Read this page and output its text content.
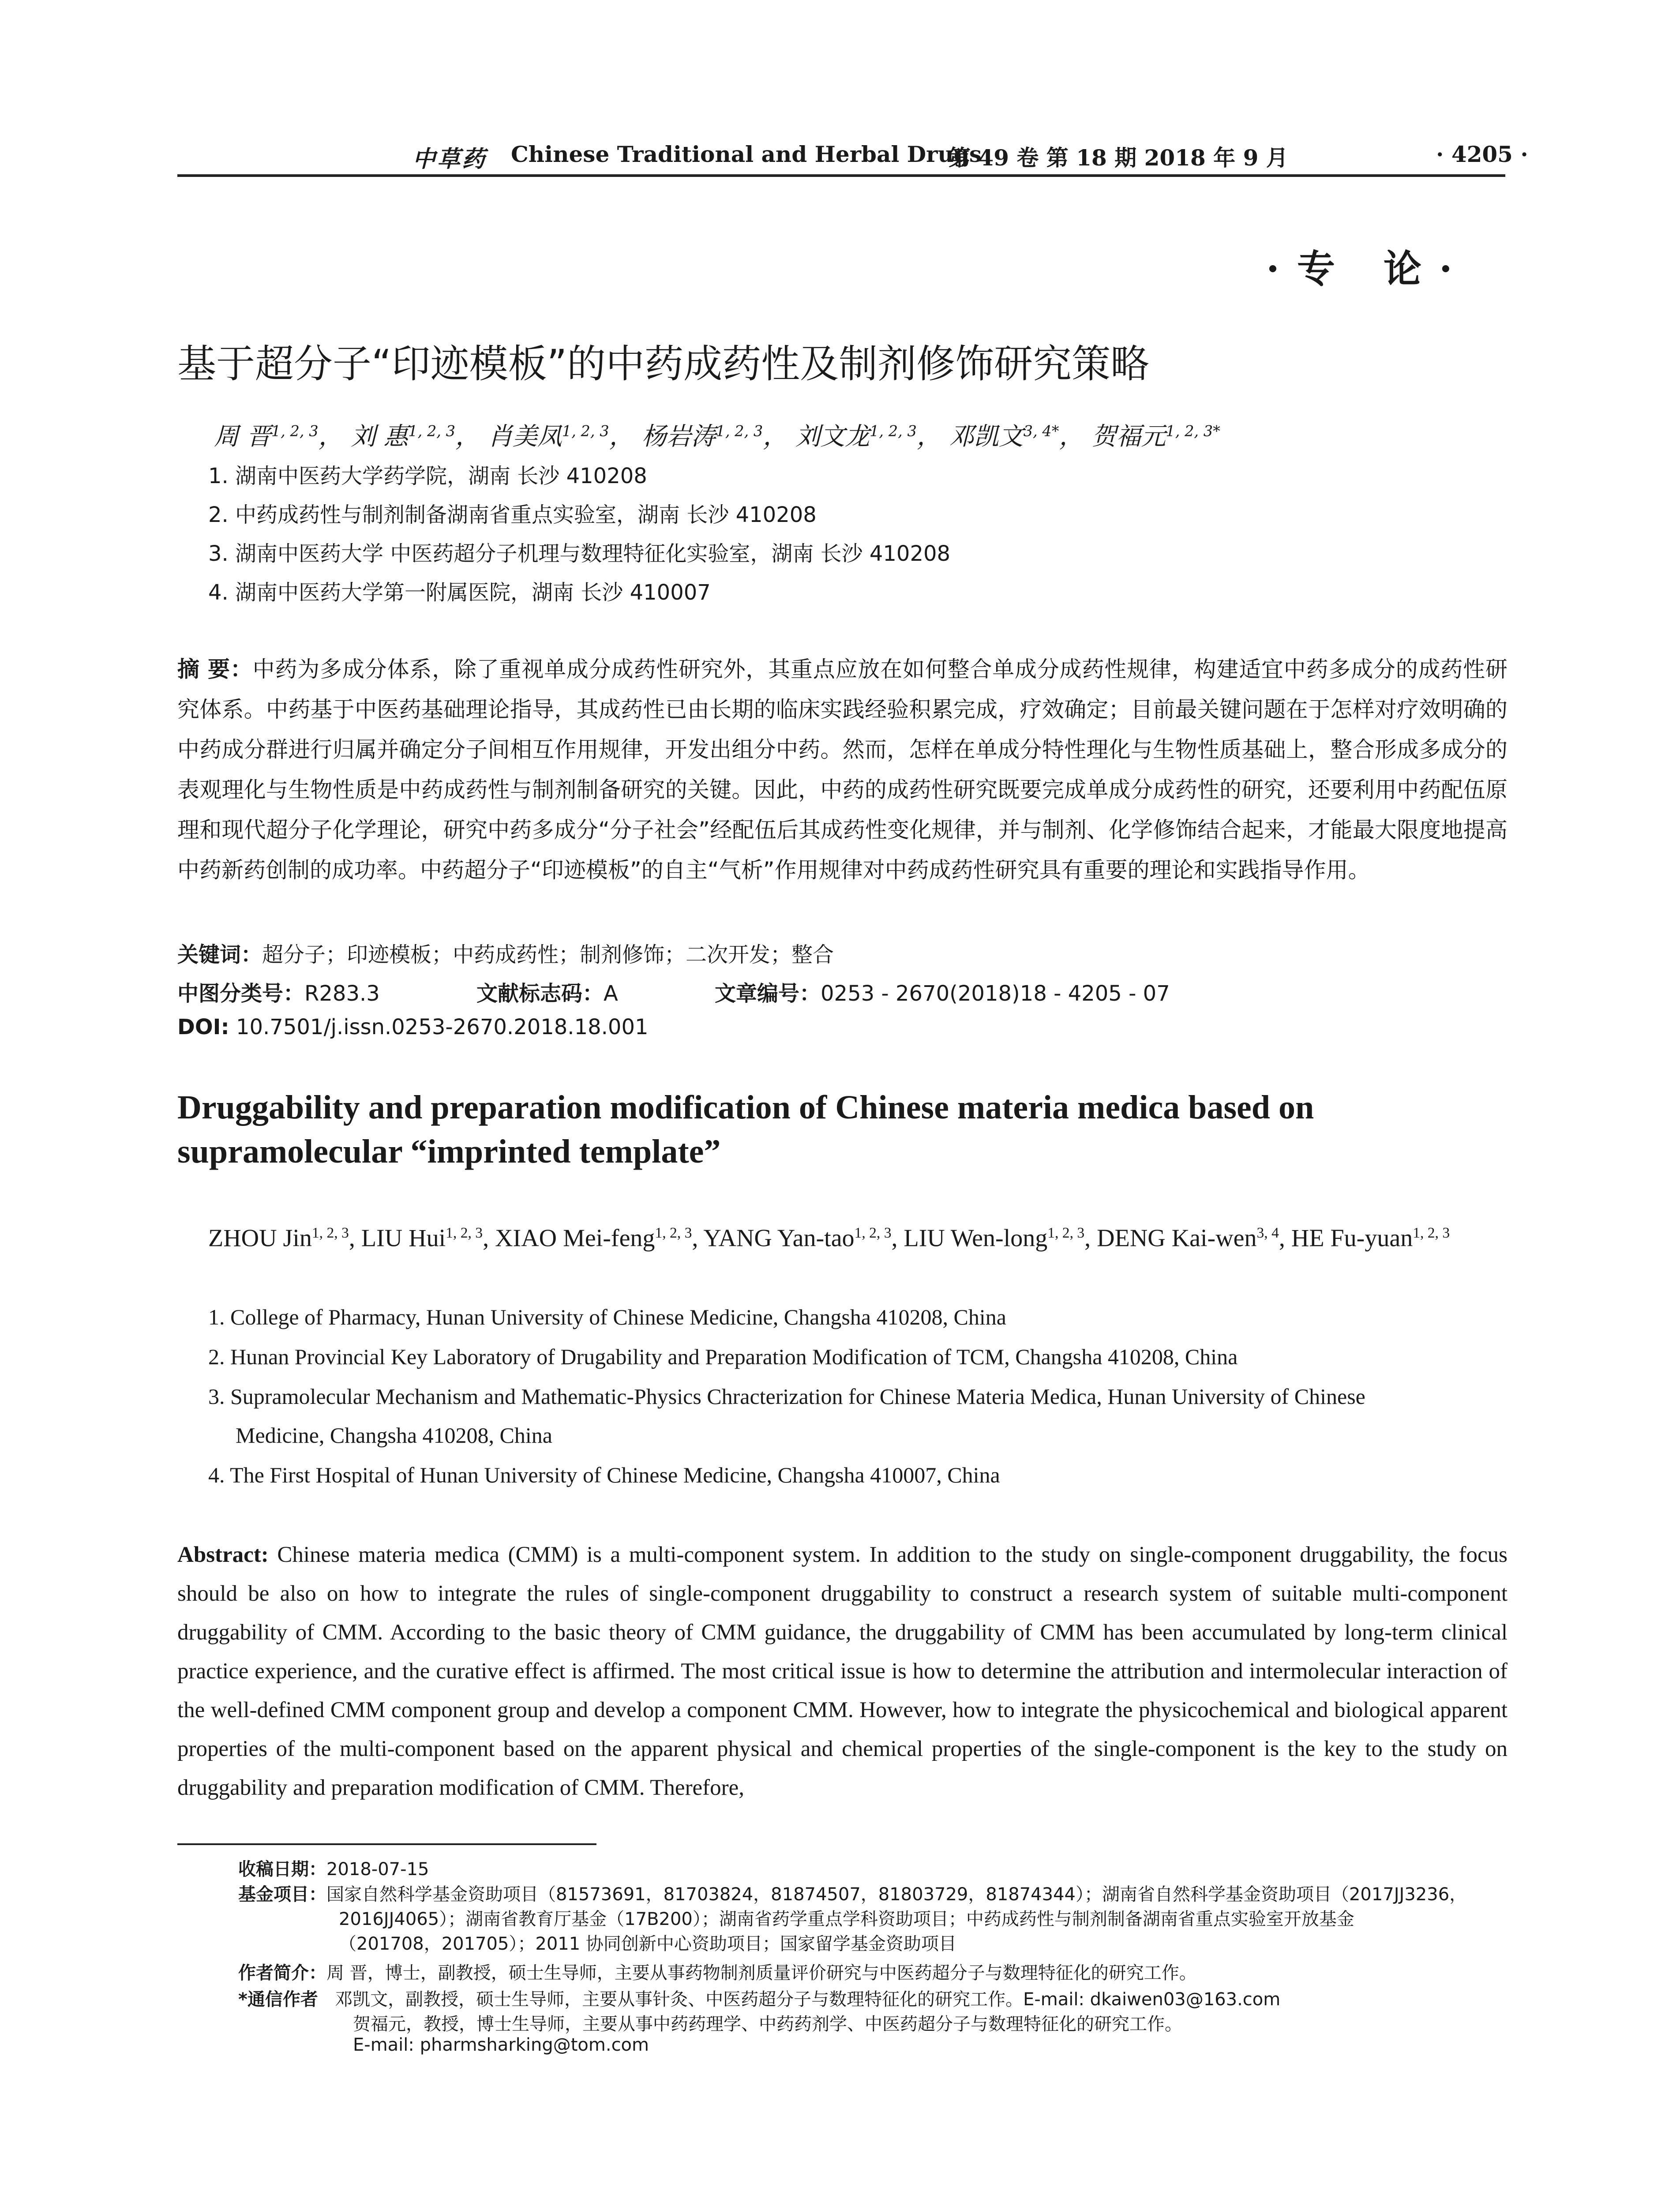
中草药 Chinese Traditional and Herbal Drugs
第 49 卷 第 18 期 2018 年 9 月	· 4205 ·
·专 论·
基于超分子“印迹模板”的中药成药性及制剂修饰研究策略
周 晋$^{1, 2, 3}$， 刘 惠$^{1, 2, 3}$， 肖美凤$^{1, 2, 3}$， 杨岩涛$^{1, 2, 3}$， 刘文龙$^{1, 2, 3}$， 邓凯文$^{3, 4*}$， 贺福元$^{1, 2, 3*}$
1. 湖南中医药大学药学院，湖南 长沙 410208
2. 中药成药性与制剂制备湖南省重点实验室，湖南 长沙 410208
3. 湖南中医药大学 中医药超分子机理与数理特征化实验室，湖南 长沙 410208
4. 湖南中医药大学第一附属医院，湖南 长沙 410007
摘 要：中药为多成分体系，除了重视单成分成药性研究外，其重点应放在如何整合单成分成药性规律，构建适宜中药多成分的成药性研究体系。中药基于中医药基础理论指导，其成药性已由长期的临床实践经验积累完成，疗效确定；目前最关键问题在于怎样对疗效明确的中药成分群进行归属并确定分子间相互作用规律，开发出组分中药。然而，怎样在单成分特性理化与生物性质基础上，整合形成多成分的表观理化与生物性质是中药成药性与制剂制备研究的关键。因此，中药的成药性研究既要完成单成分成药性的研究，还要利用中药配伍原理和现代超分子化学理论，研究中药多成分“分子社会”经配伍后其成药性变化规律，并与制剂、化学修饰结合起来，才能最大限度地提高中药新药创制的成功率。中药超分子“印迹模板”的自主“气析”作用规律对中药成药性研究具有重要的理论和实践指导作用。
关键词：超分子；印迹模板；中药成药性；制剂修饰；二次开发；整合
中图分类号：R283.3	文献标志码：A	文章编号：0253 - 2670(2018)18 - 4205 - 07
DOI: 10.7501/j.issn.0253-2670.2018.18.001
Druggability and preparation modification of Chinese materia medica based on supramolecular “imprinted template”
ZHOU Jin$^{1, 2, 3}$, LIU Hui$^{1, 2, 3}$, XIAO Mei-feng$^{1, 2, 3}$, YANG Yan-tao$^{1, 2, 3}$, LIU Wen-long$^{1, 2, 3}$, DENG Kai-wen$^{3, 4}$, HE Fu-yuan$^{1, 2, 3}$
1. College of Pharmacy, Hunan University of Chinese Medicine, Changsha 410208, China
2. Hunan Provincial Key Laboratory of Drugability and Preparation Modification of TCM, Changsha 410208, China
3. Supramolecular Mechanism and Mathematic-Physics Chracterization for Chinese Materia Medica, Hunan University of Chinese
Medicine, Changsha 410208, China
4. The First Hospital of Hunan University of Chinese Medicine, Changsha 410007, China
Abstract: Chinese materia medica (CMM) is a multi-component system. In addition to the study on single-component druggability, the focus should be also on how to integrate the rules of single-component druggability to construct a research system of suitable multi-component druggability of CMM. According to the basic theory of CMM guidance, the druggability of CMM has been accumulated by long-term clinical practice experience, and the curative effect is affirmed. The most critical issue is how to determine the attribution and intermolecular interaction of the well-defined CMM component group and develop a component CMM. However, how to integrate the physicochemical and biological apparent properties of the multi-component based on the apparent physical and chemical properties of the single-component is the key to the study on druggability and preparation modification of CMM. Therefore,
收稿日期：2018-07-15
基金项目：国家自然科学基金资助项目（81573691，81703824，81874507，81803729，81874344）；湖南省自然科学基金资助项目（2017JJ3236，
2016JJ4065）；湖南省教育厅基金（17B200）；湖南省药学重点学科资助项目；中药成药性与制剂制备湖南省重点实验室开放基金
（201708，201705）；2011 协同创新中心资助项目；国家留学基金资助项目
作者简介：周 晋，博士，副教授，硕士生导师，主要从事药物制剂质量评价研究与中医药超分子与数理特征化的研究工作。
*通信作者 邓凯文，副教授，硕士生导师，主要从事针灸、中医药超分子与数理特征化的研究工作。E-mail: dkaiwen03@163.com
贺福元，教授，博士生导师，主要从事中药药理学、中药药剂学、中医药超分子与数理特征化的研究工作。
E-mail: pharmsharking@tom.com
